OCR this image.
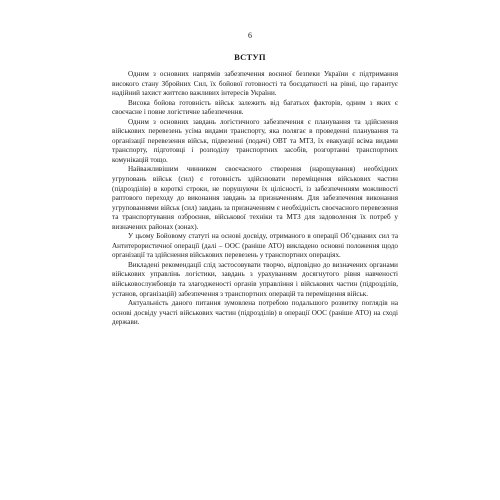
6
ВСТУП

Одним з основних напрямів забезпечення воєнної безпеки України є підтримання високого стану Збройних Сил, їх бойової готовності та боєздатності на рівні, що гарантує надійний захист життєво важливих інтересів України.

Висока бойова готовність військ залежить від багатьох факторів, одним з яких є своєчасне і повне логістичне забезпечення.

Одним з основних завдань логістичного забезпечення є планування та здійснення військових перевезень усіма видами транспорту, яка полягає в проведенні планування та організації перевезення військ, підвезенні (подачі) ОВТ та МТЗ, їх евакуації всіма видами транспорту, підготовці і розподілу транспортних засобів, розгортанні транспортних комунікацій тощо.

Найважливішим чинником своєчасного створення (нарощування) необхідних угруповань військ (сил) є готовність здійснювати переміщення військових частин (підрозділів) в короткі строки, не порушуючи їх цілісності, із забезпеченням можливості раптового переходу до виконання завдань за призначенням. Для забезпечення виконання угрупованнями військ (сил) завдань за призначенням є необхідність своєчасного перевезення та транспортування озброєння, військової техніки та МТЗ для задоволення їх потреб у визначених районах (зонах).

У цьому Бойовому статуті на основі досвіду, отриманого в операції Об’єднаних сил та Антитерористичної операції (далі – ООС (раніше АТО) викладено основні положення щодо організації та здійснення військових перевезень у транспортних операціях.

Викладені рекомендації слід застосовувати творчо, відповідно до визначених органами військових управлінь логістики, завдань з урахуванням досягнутого рівня навченості військовослужбовців та злагодженості органів управління і військових частин (підрозділів, установ, організацій) забезпечення з транспортних операцій та переміщення військ.

Актуальність даного питання зумовлена потребою подальшого розвитку поглядів на основі досвіду участі військових частин (підрозділів) в операції ООС (раніше АТО) на сході держави.
